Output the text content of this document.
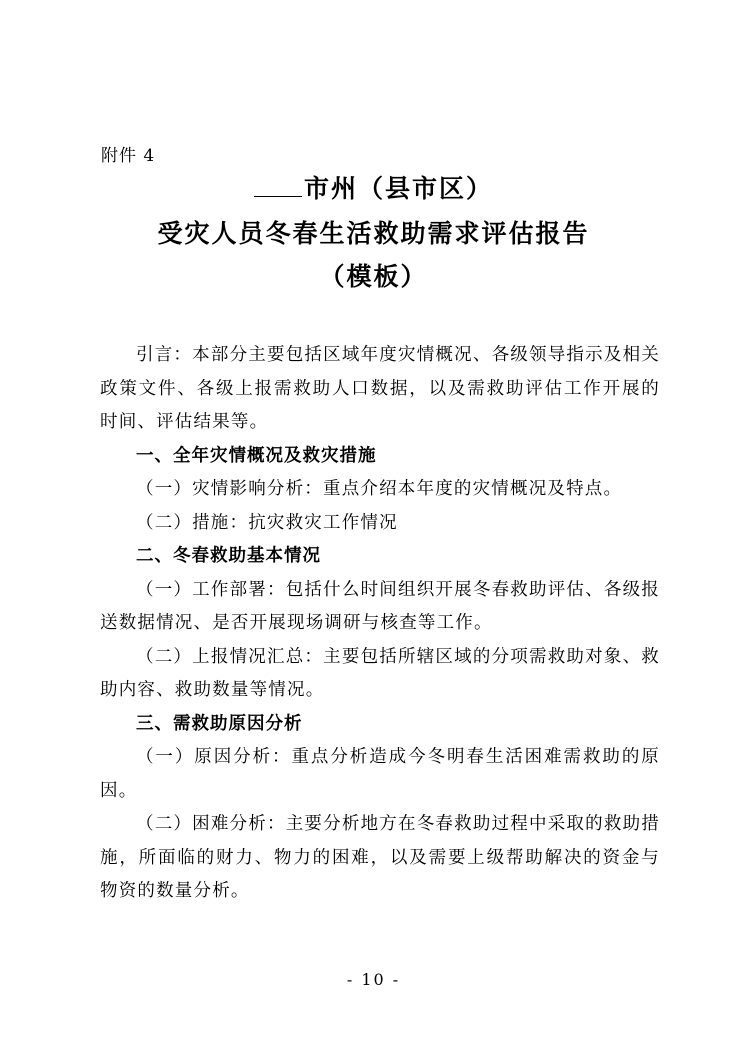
附件 4
市州（县市区）
受灾人员冬春生活救助需求评估报告
（模板）

引言：本部分主要包括区域年度灾情概况、各级领导指示及相关政策文件、各级上报需救助人口数据，以及需救助评估工作开展的时间、评估结果等。

一、全年灾情概况及救灾措施

（一）灾情影响分析：重点介绍本年度的灾情概况及特点。

（二）措施：抗灾救灾工作情况

二、冬春救助基本情况

（一）工作部署：包括什么时间组织开展冬春救助评估、各级报送数据情况、是否开展现场调研与核查等工作。

（二）上报情况汇总：主要包括所辖区域的分项需救助对象、救助内容、救助数量等情况。

三、需救助原因分析

（一）原因分析：重点分析造成今冬明春生活困难需救助的原因。

（二）困难分析：主要分析地方在冬春救助过程中采取的救助措施，所面临的财力、物力的困难，以及需要上级帮助解决的资金与物资的数量分析。

- 10 -
